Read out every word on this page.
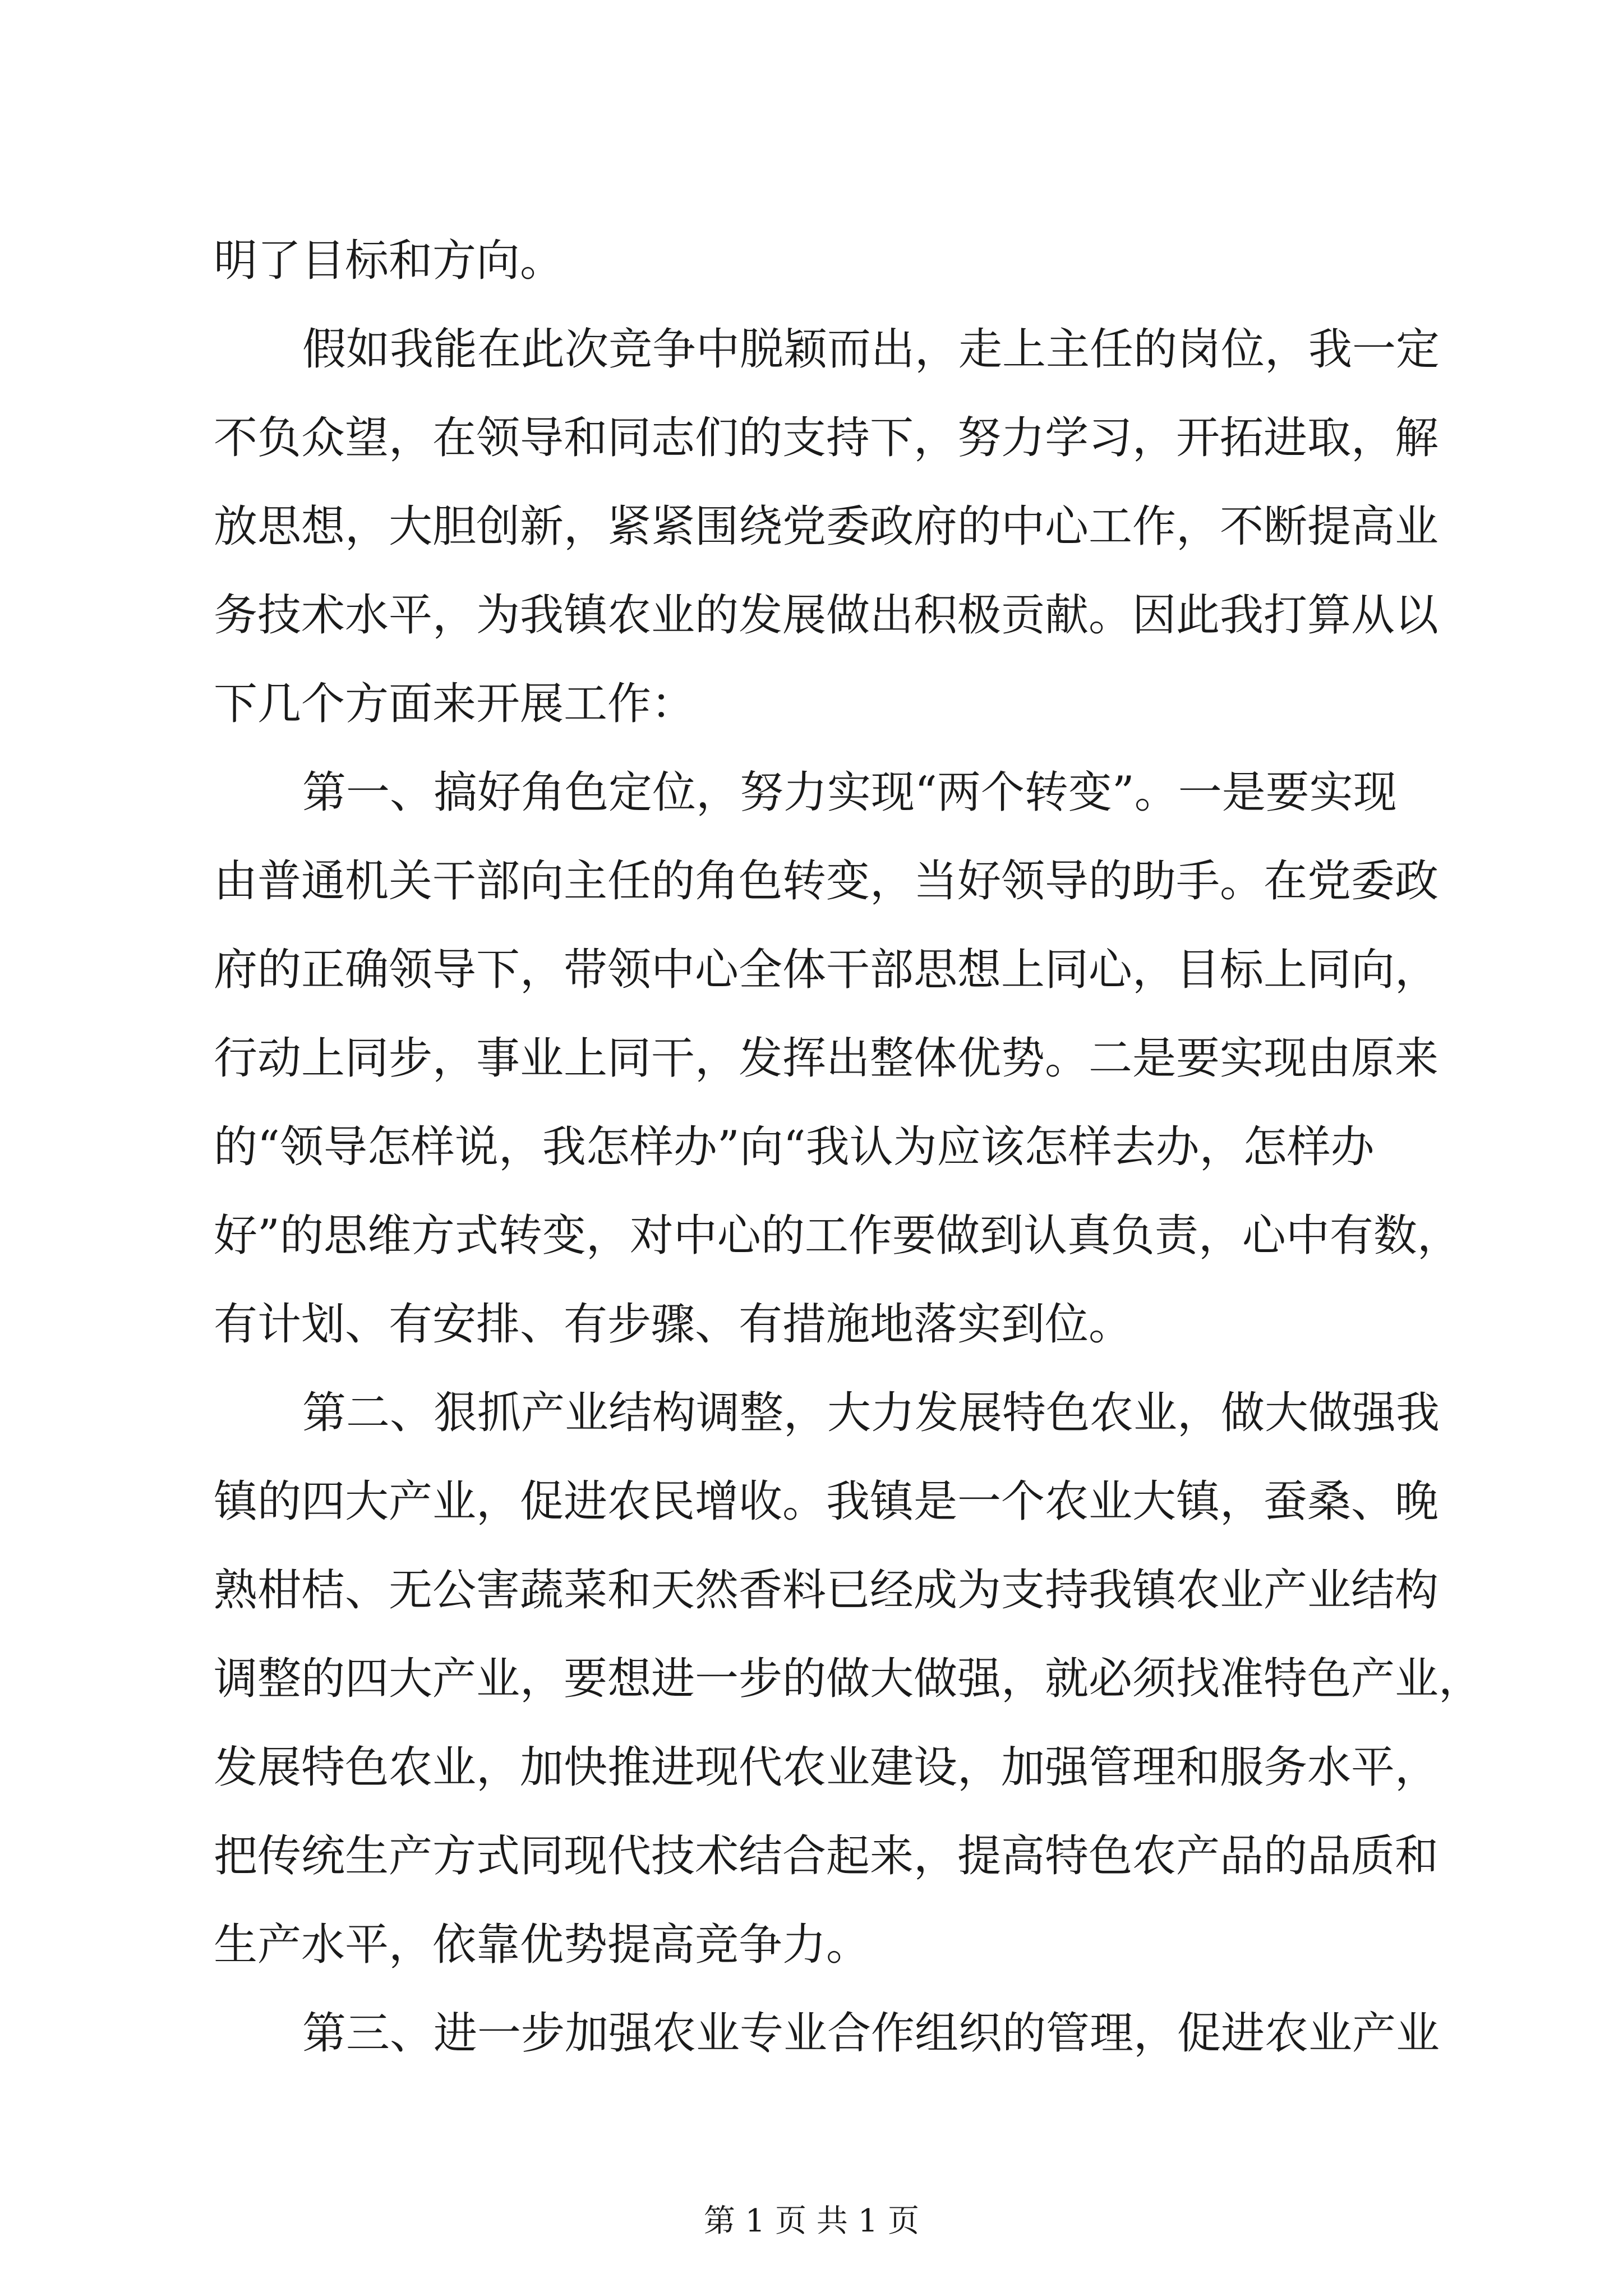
明了目标和方向。
假如我能在此次竞争中脱颖而出，走上主任的岗位，我一定
不负众望，在领导和同志们的支持下，努力学习，开拓进取，解
放思想，大胆创新，紧紧围绕党委政府的中心工作，不断提高业
务技术水平，为我镇农业的发展做出积极贡献。因此我打算从以
下几个方面来开展工作：
第一、搞好角色定位，努力实现“两个转变”。一是要实现
由普通机关干部向主任的角色转变，当好领导的助手。在党委政
府的正确领导下，带领中心全体干部思想上同心，目标上同向，
行动上同步，事业上同干，发挥出整体优势。二是要实现由原来
的“领导怎样说，我怎样办”向“我认为应该怎样去办，怎样办
好”的思维方式转变，对中心的工作要做到认真负责，心中有数，
有计划、有安排、有步骤、有措施地落实到位。
第二、狠抓产业结构调整，大力发展特色农业，做大做强我
镇的四大产业，促进农民增收。我镇是一个农业大镇，蚕桑、晚
熟柑桔、无公害蔬菜和天然香料已经成为支持我镇农业产业结构
调整的四大产业，要想进一步的做大做强，就必须找准特色产业，
发展特色农业，加快推进现代农业建设，加强管理和服务水平，
把传统生产方式同现代技术结合起来，提高特色农产品的品质和
生产水平，依靠优势提高竞争力。
第三、进一步加强农业专业合作组织的管理，促进农业产业
第 1 页 共 1 页
